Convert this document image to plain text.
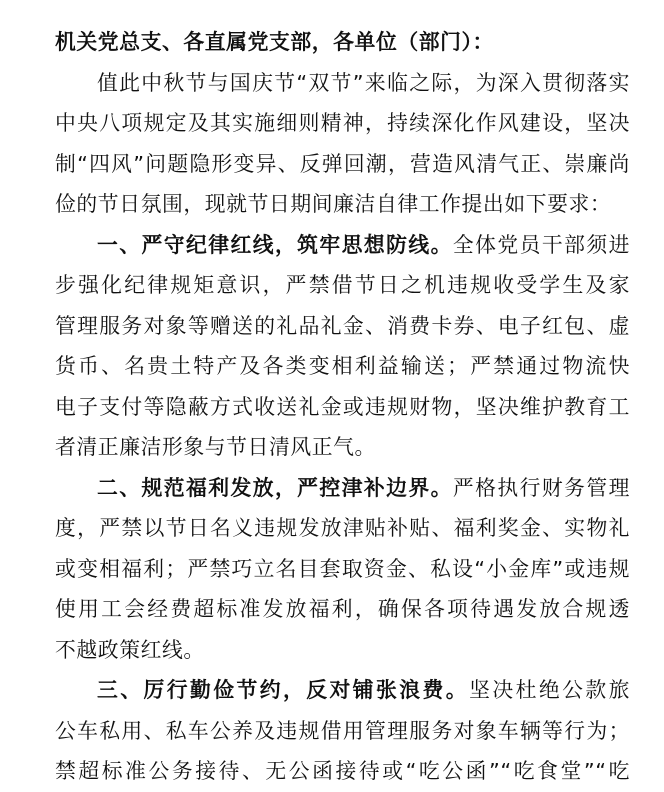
机关党总支、各直属党支部，各单位（部门）：
值此中秋节与国庆节“双节”来临之际，为深入贯彻落实
中央八项规定及其实施细则精神，持续深化作风建设，坚决
制“四风”问题隐形变异、反弹回潮，营造风清气正、崇廉尚
俭的节日氛围，现就节日期间廉洁自律工作提出如下要求：
一、严守纪律红线，筑牢思想防线。全体党员干部须进
步强化纪律规矩意识，严禁借节日之机违规收受学生及家
管理服务对象等赠送的礼品礼金、消费卡券、电子红包、虚
货币、名贵土特产及各类变相利益输送；严禁通过物流快
电子支付等隐蔽方式收送礼金或违规财物，坚决维护教育工
者清正廉洁形象与节日清风正气。
二、规范福利发放，严控津补边界。严格执行财务管理
度，严禁以节日名义违规发放津贴补贴、福利奖金、实物礼
或变相福利；严禁巧立名目套取资金、私设“小金库”或违规
使用工会经费超标准发放福利，确保各项待遇发放合规透
不越政策红线。
三、厉行勤俭节约，反对铺张浪费。坚决杜绝公款旅
公车私用、私车公养及违规借用管理服务对象车辆等行为；
禁超标准公务接待、无公函接待或“吃公函”“吃食堂”“吃
